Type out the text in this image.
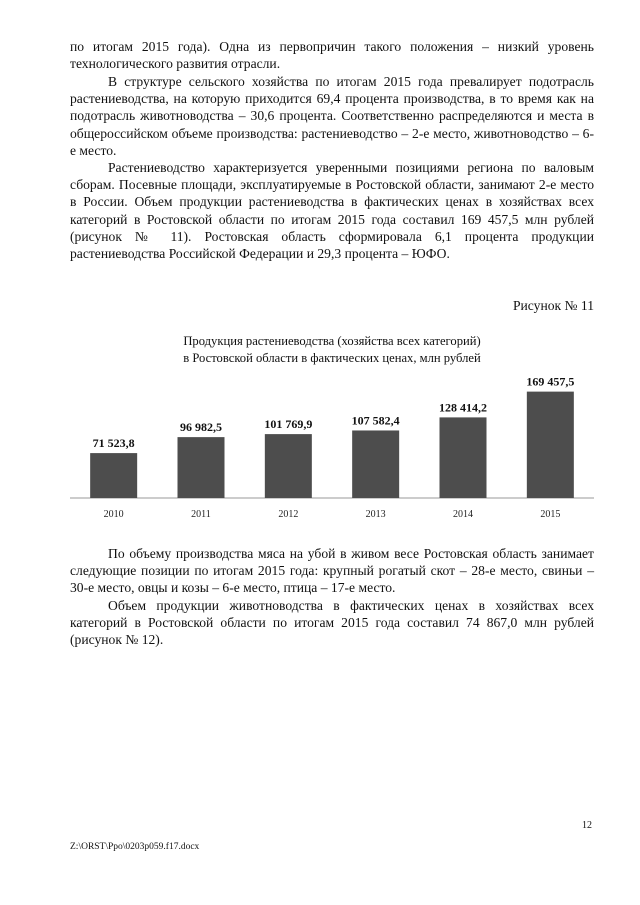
по итогам 2015 года). Одна из первопричин такого положения – низкий уровень технологического развития отрасли.

В структуре сельского хозяйства по итогам 2015 года превалирует подотрасль растениеводства, на которую приходится 69,4 процента производства, в то время как на подотрасль животноводства – 30,6 процента. Соответственно распределяются и места в общероссийском объеме производства: растениеводство – 2-е место, животноводство – 6-е место.

Растениеводство характеризуется уверенными позициями региона по валовым сборам. Посевные площади, эксплуатируемые в Ростовской области, занимают 2-е место в России. Объем продукции растениеводства в фактических ценах в хозяйствах всех категорий в Ростовской области по итогам 2015 года составил 169 457,5 млн рублей (рисунок № 11). Ростовская область сформировала 6,1 процента продукции растениеводства Российской Федерации и 29,3 процента – ЮФО.

Рисунок № 11

Продукция растениеводства (хозяйства всех категорий)

в Ростовской области в фактических ценах, млн рублей

71 523,8
2010
96 982,5
2011
101 769,9
2012
107 582,4
2013
128 414,2
2014
169 457,5
2015

По объему производства мяса на убой в живом весе Ростовская область занимает следующие позиции по итогам 2015 года: крупный рогатый скот – 28-е место, свиньи – 30-е место, овцы и козы – 6-е место, птица – 17-е место.

Объем продукции животноводства в фактических ценах в хозяйствах всех категорий в Ростовской области по итогам 2015 года составил 74 867,0 млн рублей (рисунок № 12).

12
Z:\ORST\Ppo\0203p059.f17.docx
